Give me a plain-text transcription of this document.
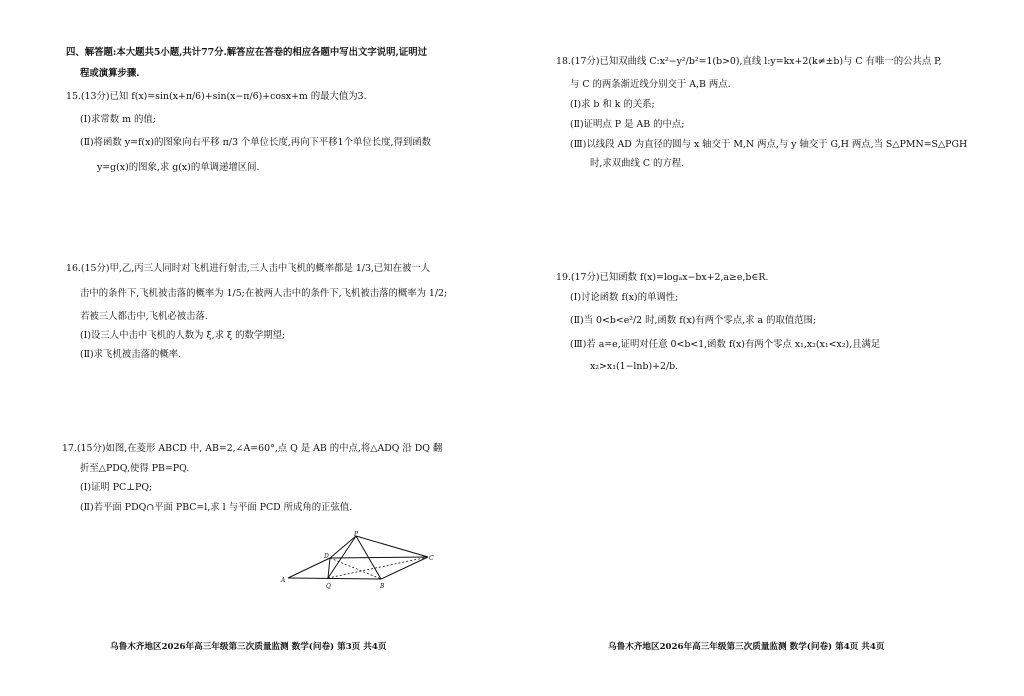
四、解答题:本大题共5小题,共计77分.解答应在答卷的相应各题中写出文字说明,证明过
程或演算步骤.
15.(13分)已知 f(x)=sin(x+π/6)+sin(x−π/6)+cosx+m 的最大值为3.
(Ⅰ)求常数 m 的值;
(Ⅱ)将函数 y=f(x)的图象向右平移 π/3 个单位长度,再向下平移1个单位长度,得到函数
y=g(x)的图象,求 g(x)的单调递增区间.
16.(15分)甲,乙,丙三人同时对飞机进行射击,三人击中飞机的概率都是 1/3,已知在被一人
击中的条件下,飞机被击落的概率为 1/5;在被两人击中的条件下,飞机被击落的概率为 1/2;
若被三人都击中,飞机必被击落.
(Ⅰ)设三人中击中飞机的人数为 ξ,求 ξ 的数学期望;
(Ⅱ)求飞机被击落的概率.
17.(15分)如图,在菱形 ABCD 中, AB=2,∠A=60°,点 Q 是 AB 的中点,将△ADQ 沿 DQ 翻
折至△PDQ,使得 PB=PQ.
(Ⅰ)证明 PC⊥PQ;
(Ⅱ)若平面 PDQ∩平面 PBC=l,求 l 与平面 PCD 所成角的正弦值.
P
D	C
A
Q	B
乌鲁木齐地区2026年高三年级第三次质量监测 数学(问卷) 第3页 共4页
18.(17分)已知双曲线 C:x²−y²/b²=1(b>0),直线 l:y=kx+2(k≠±b)与 C 有唯一的公共点 P,
与 C 的两条渐近线分别交于 A,B 两点.
(Ⅰ)求 b 和 k 的关系;
(Ⅱ)证明点 P 是 AB 的中点;
(Ⅲ)以线段 AD 为直径的圆与 x 轴交于 M,N 两点,与 y 轴交于 G,H 两点,当 S△PMN=S△PGH
时,求双曲线 C 的方程.
19.(17分)已知函数 f(x)=logₐx−bx+2,a≥e,b∈R.
(Ⅰ)讨论函数 f(x)的单调性;
(Ⅱ)当 0<b<e²/2 时,函数 f(x)有两个零点,求 a 的取值范围;
(Ⅲ)若 a=e,证明对任意 0<b<1,函数 f(x)有两个零点 x₁,x₂(x₁<x₂),且满足
x₂>x₁(1−lnb)+2/b.
乌鲁木齐地区2026年高三年级第三次质量监测 数学(问卷) 第4页 共4页
